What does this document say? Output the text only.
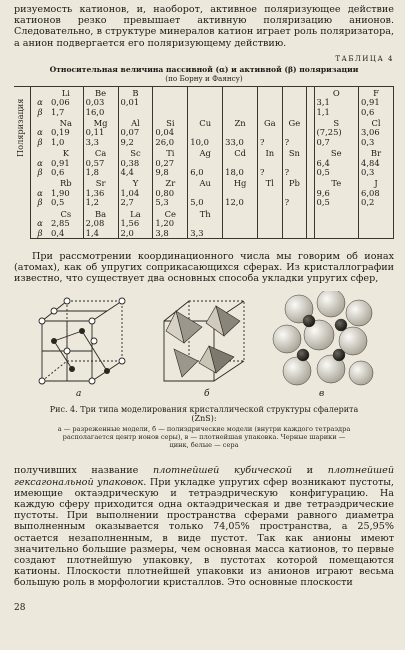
ризуемость катионов, и, наоборот, активное поляризующее действие катионов резко превышает активную поляризацию анионов. Следовательно, в структуре минералов катион играет роль поляризатора, а анион подвергается его поляризующему действию.

ТАБЛИЦА 4
Относительная величина пассивной (α) и активной (β) поляризации
(по Борну и Фаянсу)
Поляризация		Li	Be	B							O	F
	α	0,06	0,03	0,01							3,1	0,91
	β	1,7	16,0								1,1	0,6
		Na	Mg	Al	Si	Cu	Zn	Ga	Ge		S	Cl
	α	0,19	0,11	0,07	0,04						(7,25)	3,06
	β	1,0	3,3	9,2	26,0	10,0	33,0	?	?		0,7	0,3
		K	Ca	Sc	Ti	Ag	Cd	In	Sn		Se	Br
	α	0,91	0,57	0,38	0,27						6,4	4,84
	β	0,6	1,8	4,4	9,8	6,0	18,0	?	?		0,5	0,3
		Rb	Sr	Y	Zr	Au	Hg	Tl	Pb		Te	J
	α	1,90	1,36	1,04	0,80						9,6	6,08
	β	0,5	1,2	2,7	5,3	5,0	12,0		?		0,5	0,2
		Cs	Ba	La	Ce	Th						
	α	2,85	2,08	1,56	1,20							
	β	0,4	1,4	2,0	3,8	3,3						

При рассмотрении координационного числа мы говорим об ионах (атомах), как об упругих соприкасающихся сферах. Из кристаллографии известно, что существует два основных способа укладки упругих сфер,

а	б	в
Рис. 4. Три типа моделирования кристаллической структуры сфалерита (ZnS):
а — разреженные модели, б — полиэдрические модели (внутри каждого тетраэдра располагается центр ионов серы), в — плотнейшая упаковка. Черные шарики — цинк, белые — сера

получивших название плотнейшей кубической и плотнейшей гексагональной упаковок. При укладке упругих сфер возникают пустоты, имеющие октаэдрическую и тетраэдрическую конфигурацию. На каждую сферу приходится одна октаэдрическая и две тетраэдрические пустоты. При выполнении пространства сферами равного диаметра выполненным оказывается только 74,05% пространства, а 25,95% остается незаполненным, в виде пустот. Так как анионы имеют значительно большие размеры, чем основная масса катионов, то первые создают плотнейшую упаковку, в пустотах которой помещаются катионы. Плоскости плотнейшей упаковки из анионов играют весьма большую роль в морфологии кристаллов. Это основные плоскости

28
